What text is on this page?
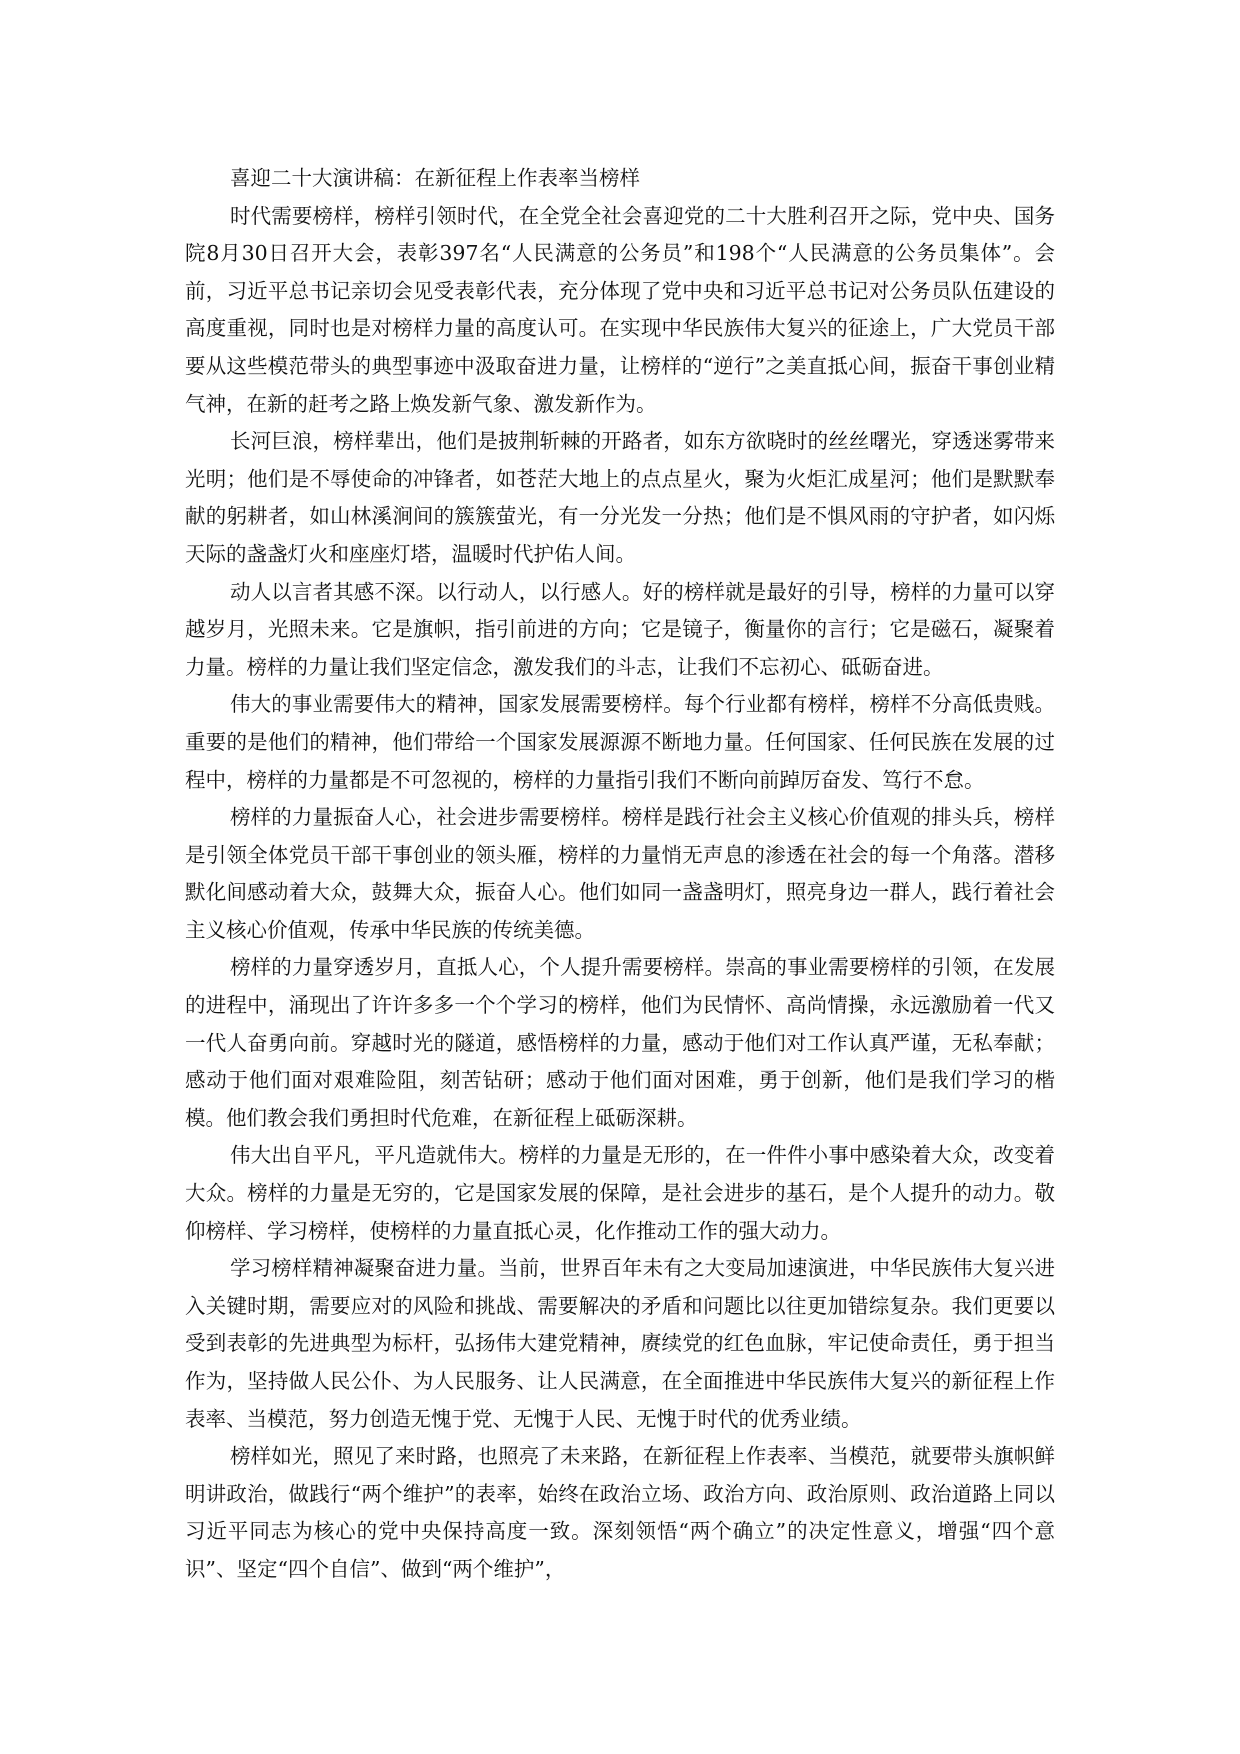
喜迎二十大演讲稿：在新征程上作表率当榜样

时代需要榜样，榜样引领时代，在全党全社会喜迎党的二十大胜利召开之际，党中央、国务院8月30日召开大会，表彰397名“人民满意的公务员”和198个“人民满意的公务员集体”。会前，习近平总书记亲切会见受表彰代表，充分体现了党中央和习近平总书记对公务员队伍建设的高度重视，同时也是对榜样力量的高度认可。在实现中华民族伟大复兴的征途上，广大党员干部要从这些模范带头的典型事迹中汲取奋进力量，让榜样的“逆行”之美直抵心间，振奋干事创业精气神，在新的赶考之路上焕发新气象、激发新作为。

长河巨浪，榜样辈出，他们是披荆斩棘的开路者，如东方欲晓时的丝丝曙光，穿透迷雾带来光明；他们是不辱使命的冲锋者，如苍茫大地上的点点星火，聚为火炬汇成星河；他们是默默奉献的躬耕者，如山林溪涧间的簇簇萤光，有一分光发一分热；他们是不惧风雨的守护者，如闪烁天际的盏盏灯火和座座灯塔，温暖时代护佑人间。

动人以言者其感不深。以行动人，以行感人。好的榜样就是最好的引导，榜样的力量可以穿越岁月，光照未来。它是旗帜，指引前进的方向；它是镜子，衡量你的言行；它是磁石，凝聚着力量。榜样的力量让我们坚定信念，激发我们的斗志，让我们不忘初心、砥砺奋进。

伟大的事业需要伟大的精神，国家发展需要榜样。每个行业都有榜样，榜样不分高低贵贱。重要的是他们的精神，他们带给一个国家发展源源不断地力量。任何国家、任何民族在发展的过程中，榜样的力量都是不可忽视的，榜样的力量指引我们不断向前踔厉奋发、笃行不怠。

榜样的力量振奋人心，社会进步需要榜样。榜样是践行社会主义核心价值观的排头兵，榜样是引领全体党员干部干事创业的领头雁，榜样的力量悄无声息的渗透在社会的每一个角落。潜移默化间感动着大众，鼓舞大众，振奋人心。他们如同一盏盏明灯，照亮身边一群人，践行着社会主义核心价值观，传承中华民族的传统美德。

榜样的力量穿透岁月，直抵人心，个人提升需要榜样。崇高的事业需要榜样的引领，在发展的进程中，涌现出了许许多多一个个学习的榜样，他们为民情怀、高尚情操，永远激励着一代又一代人奋勇向前。穿越时光的隧道，感悟榜样的力量，感动于他们对工作认真严谨，无私奉献；感动于他们面对艰难险阻，刻苦钻研；感动于他们面对困难，勇于创新，他们是我们学习的楷模。他们教会我们勇担时代危难，在新征程上砥砺深耕。

伟大出自平凡，平凡造就伟大。榜样的力量是无形的，在一件件小事中感染着大众，改变着大众。榜样的力量是无穷的，它是国家发展的保障，是社会进步的基石，是个人提升的动力。敬仰榜样、学习榜样，使榜样的力量直抵心灵，化作推动工作的强大动力。

学习榜样精神凝聚奋进力量。当前，世界百年未有之大变局加速演进，中华民族伟大复兴进入关键时期，需要应对的风险和挑战、需要解决的矛盾和问题比以往更加错综复杂。我们更要以受到表彰的先进典型为标杆，弘扬伟大建党精神，赓续党的红色血脉，牢记使命责任，勇于担当作为，坚持做人民公仆、为人民服务、让人民满意，在全面推进中华民族伟大复兴的新征程上作表率、当模范，努力创造无愧于党、无愧于人民、无愧于时代的优秀业绩。

榜样如光，照见了来时路，也照亮了未来路，在新征程上作表率、当模范，就要带头旗帜鲜明讲政治，做践行“两个维护”的表率，始终在政治立场、政治方向、政治原则、政治道路上同以习近平同志为核心的党中央保持高度一致。深刻领悟“两个确立”的决定性意义，增强“四个意识”、坚定“四个自信”、做到“两个维护”，
